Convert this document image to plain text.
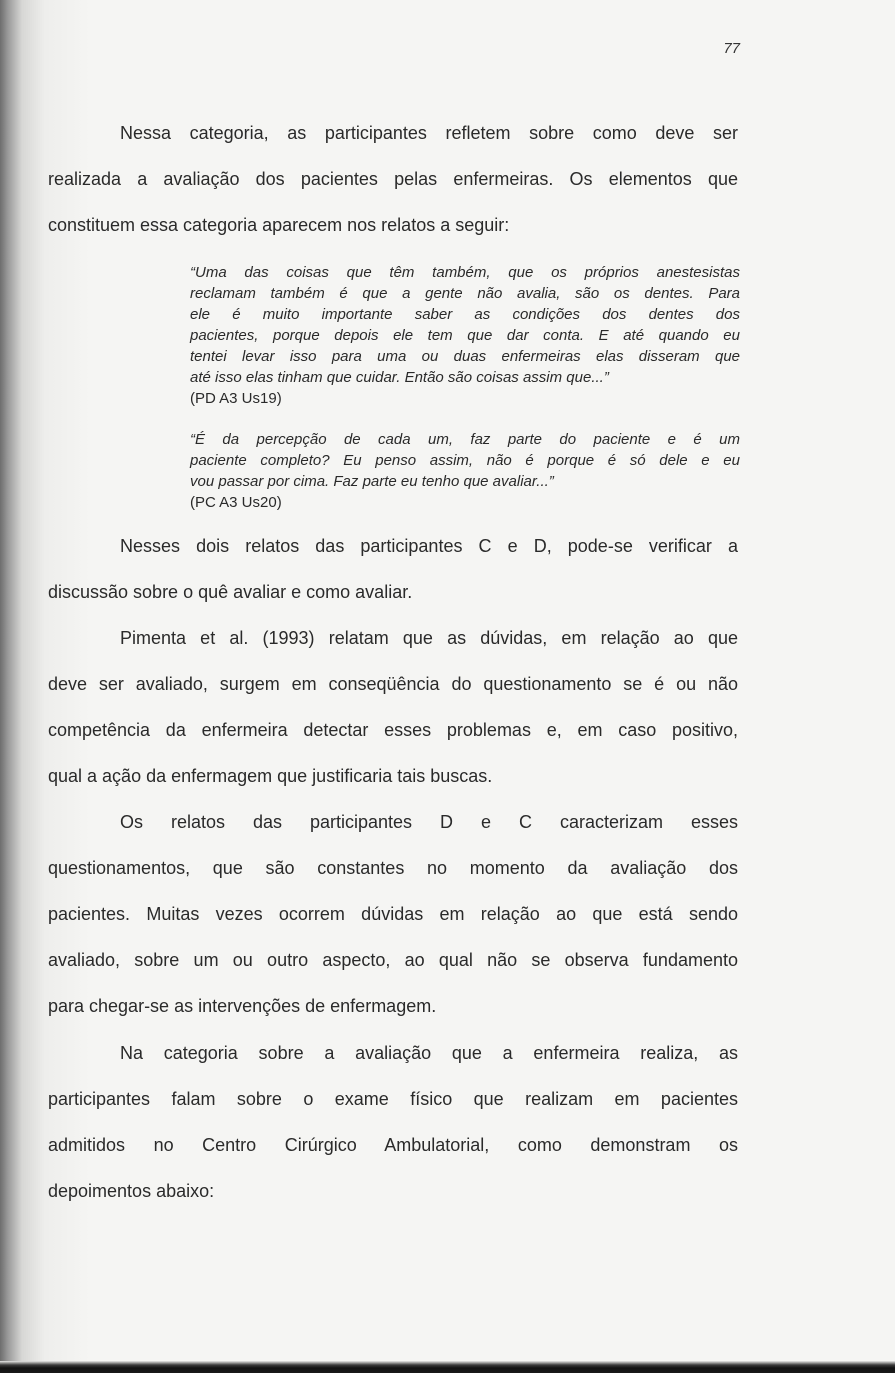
77
Nessa categoria, as participantes refletem sobre como deve ser
realizada a avaliação dos pacientes pelas enfermeiras. Os elementos que
constituem essa categoria aparecem nos relatos a seguir:
“Uma das coisas que têm também, que os próprios anestesistas
reclamam também é que a gente não avalia, são os dentes. Para
ele é muito importante saber as condições dos dentes dos
pacientes, porque depois ele tem que dar conta. E até quando eu
tentei levar isso para uma ou duas enfermeiras elas disseram que
até isso elas tinham que cuidar. Então são coisas assim que...”
(PD A3 Us19)
“É da percepção de cada um, faz parte do paciente e é um
paciente completo? Eu penso assim, não é porque é só dele e eu
vou passar por cima. Faz parte eu tenho que avaliar...”
(PC A3 Us20)
Nesses dois relatos das participantes C e D, pode-se verificar a
discussão sobre o quê avaliar e como avaliar.
Pimenta et al. (1993) relatam que as dúvidas, em relação ao que
deve ser avaliado, surgem em conseqüência do questionamento se é ou não
competência da enfermeira detectar esses problemas e, em caso positivo,
qual a ação da enfermagem que justificaria tais buscas.
Os relatos das participantes D e C caracterizam esses
questionamentos, que são constantes no momento da avaliação dos
pacientes. Muitas vezes ocorrem dúvidas em relação ao que está sendo
avaliado, sobre um ou outro aspecto, ao qual não se observa fundamento
para chegar-se as intervenções de enfermagem.
Na categoria sobre a avaliação que a enfermeira realiza, as
participantes falam sobre o exame físico que realizam em pacientes
admitidos no Centro Cirúrgico Ambulatorial, como demonstram os
depoimentos abaixo:
